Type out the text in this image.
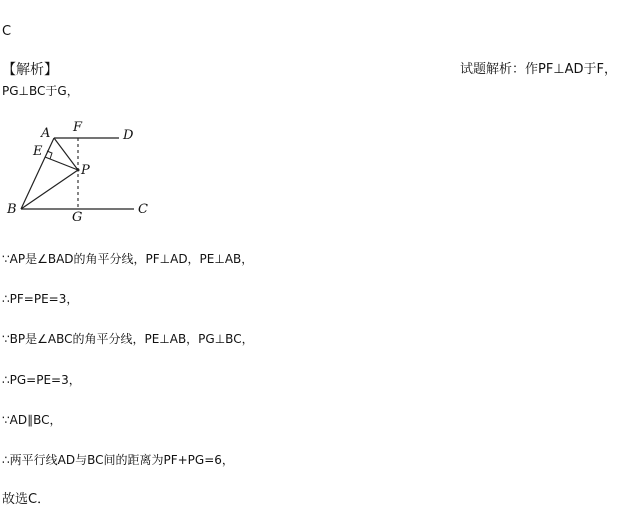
C
【解析】	试题解析：作PF⊥AD于F，
PG⊥BC于G，
A F
D
E
P
B
G
C
∵AP是∠BAD的角平分线，PF⊥AD，PE⊥AB，
∴PF=PE=3，
∵BP是∠ABC的角平分线，PE⊥AB，PG⊥BC，
∴PG=PE=3，
∵AD∥BC，
∴两平行线AD与BC间的距离为PF+PG=6，
故选C．
